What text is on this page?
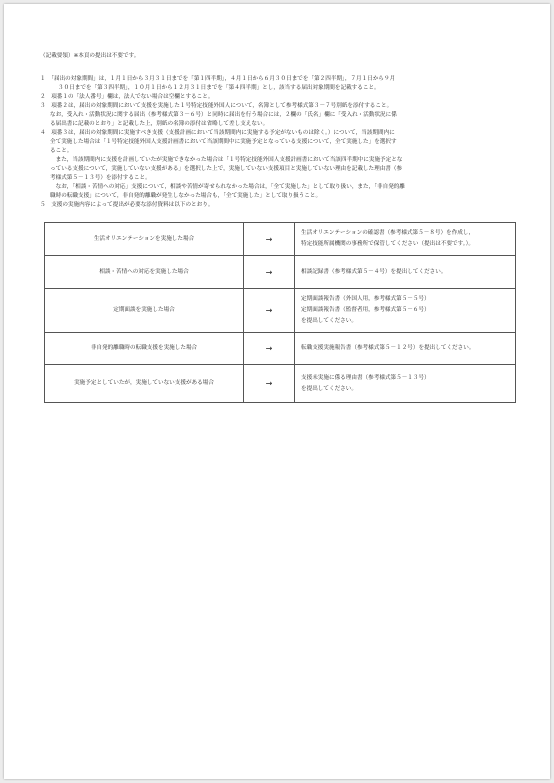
（記載要領）※本頁の提出は不要です。
１　「届出の対象期間」は，１月１日から３月３１日までを「第１四半期」，４月１日から６月３０日までを「第２四半期」，７月１日から９月
３０日までを「第３四半期」，１０月１日から１２月３１日までを「第４四半期」とし，該当する届出対象期間を記載すること。
２　項番１の「法人番号」欄は，法人でない場合は空欄とすること。
３　項番２は，届出の対象期間において支援を実施した１号特定技能外国人について，名簿として参考様式第３－７号別紙を添付すること。
なお，受入れ・活動状況に関する届出（参考様式第３－６号）と同時に届出を行う場合には，２欄の「氏名」欄に「受入れ・活動状況に係
る届出書に記載のとおり」と記載した上，別紙の名簿の添付は省略して差し支えない。
４　項番３は，届出の対象期間に実施すべき支援（支援計画において当該期間内に実施する予定がないものは除く。）について，当該期間内に
全て実施した場合は「１号特定技能外国人支援計画書において当該期間中に実施予定となっている支援について，全て実施した」を選択す
ること。
　また，当該期間内に支援を計画していたが実施できなかった場合は「１号特定技能外国人支援計画書において当該四半期中に実施予定とな
っている支援について，実施していない支援がある」を選択した上で，実施していない支援項目と実施していない理由を記載した理由書（参
考様式第５－１３号）を添付すること。
　なお，「相談・苦情への対応」支援について，相談や苦情が寄せられなかった場合は，「全て実施した」として取り扱い，また，「非自発的離
職時の転職支援」について，非自発的離職が発生しなかった場合も，「全て実施した」として取り扱うこと。
５　支援の実施内容によって提出が必要な添付資料は以下のとおり。
生活オリエンテーションを実施した場合	→	生活オリエンテーションの確認書（参考様式第５－８号）を作成し，
特定技能所属機関の事務所で保管してください（提出は不要です。）。

相談・苦情への対応を実施した場合	→	相談記録書（参考様式第５－４号）を提出してください。

定期面談を実施した場合	→	定期面談報告書（外国人用，参考様式第５－５号）
定期面談報告書（監督者用，参考様式第５－６号）
を提出してください。

非自発的離職時の転職支援を実施した場合	→	転職支援実施報告書（参考様式第５－１２号）を提出してください。

実施予定としていたが，実施していない支援がある場合	→	支援未実施に係る理由書（参考様式第５－１３号）
を提出してください。
